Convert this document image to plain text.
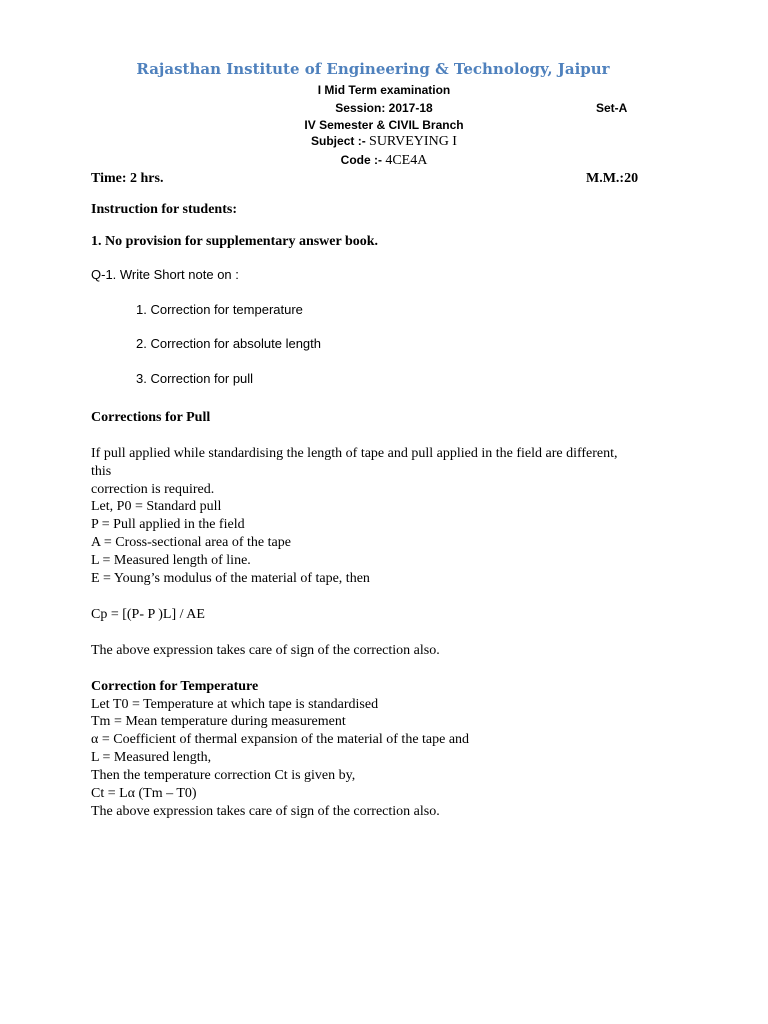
Rajasthan Institute of Engineering & Technology, Jaipur
I Mid Term examination
Session: 2017-18	Set-A
IV Semester & CIVIL Branch
Subject :- SURVEYING I
Code :- 4CE4A
Time: 2 hrs.	M.M.:20
Instruction for students:
1. No provision for supplementary answer book.
Q-1. Write Short note on :
1. Correction for temperature
2. Correction for absolute length
3. Correction for pull
Corrections for Pull
If pull applied while standardising the length of tape and pull applied in the field are different,
this
correction is required.
Let, P0 = Standard pull
P = Pull applied in the field
A = Cross-sectional area of the tape
L = Measured length of line.
E = Young’s modulus of the material of tape, then
Cp = [(P- P )L] / AE
The above expression takes care of sign of the correction also.
Correction for Temperature
Let T0 = Temperature at which tape is standardised
Tm = Mean temperature during measurement
α = Coefficient of thermal expansion of the material of the tape and
L = Measured length,
Then the temperature correction Ct is given by,
Ct = Lα (Tm – T0)
The above expression takes care of sign of the correction also.
